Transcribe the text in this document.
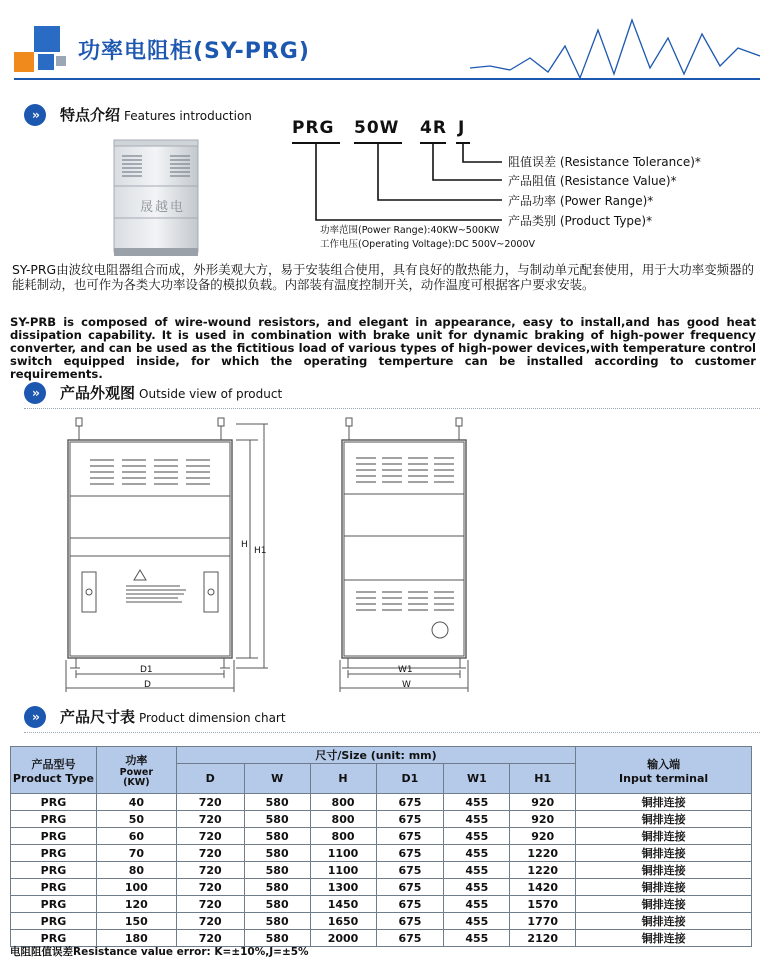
功率电阻柜(SY-PRG)
››	特点介绍 Features introduction
晟越电
PRG 50W 4R J
阻值误差 (Resistance Tolerance)*
产品阻值 (Resistance Value)*
产品功率 (Power Range)*
产品类别 (Product Type)*
功率范围(Power Range):40KW~500KW
工作电压(Operating Voltage):DC 500V~2000V
SY-PRG由波纹电阻器组合而成，外形美观大方，易于安装组合使用，具有良好的散热能力，与制动单元配套使用，用于大功率变频器的能耗制动，也可作为各类大功率设备的模拟负载。内部装有温度控制开关，动作温度可根据客户要求安装。
SY-PRB is composed of wire-wound resistors, and elegant in appearance, easy to install,and has good heat dissipation capability. It is used in combination with brake unit for dynamic braking of high-power frequency converter, and can be used as the fictitious load of various types of high-power devices,with temperature control switch equipped inside, for which the operating temperture can be installed according to customer requirements.
››	产品外观图 Outside view of product
H
H1
D1
D
W1
W
››	产品尺寸表 Product dimension chart
产品型号
Product Type	功率
Power
(KW)	尺寸/Size (unit: mm)						输入端
Input terminal

		D	W	H	D1	W1	H1	
PRG	40	720	580	800	675	455	920	铜排连接
PRG	50	720	580	800	675	455	920	铜排连接
PRG	60	720	580	800	675	455	920	铜排连接
PRG	70	720	580	1100	675	455	1220	铜排连接
PRG	80	720	580	1100	675	455	1220	铜排连接
PRG	100	720	580	1300	675	455	1420	铜排连接
PRG	120	720	580	1450	675	455	1570	铜排连接
PRG	150	720	580	1650	675	455	1770	铜排连接
PRG	180	720	580	2000	675	455	2120	铜排连接
电阻阻值误差Resistance value error: K=±10%,J=±5%
